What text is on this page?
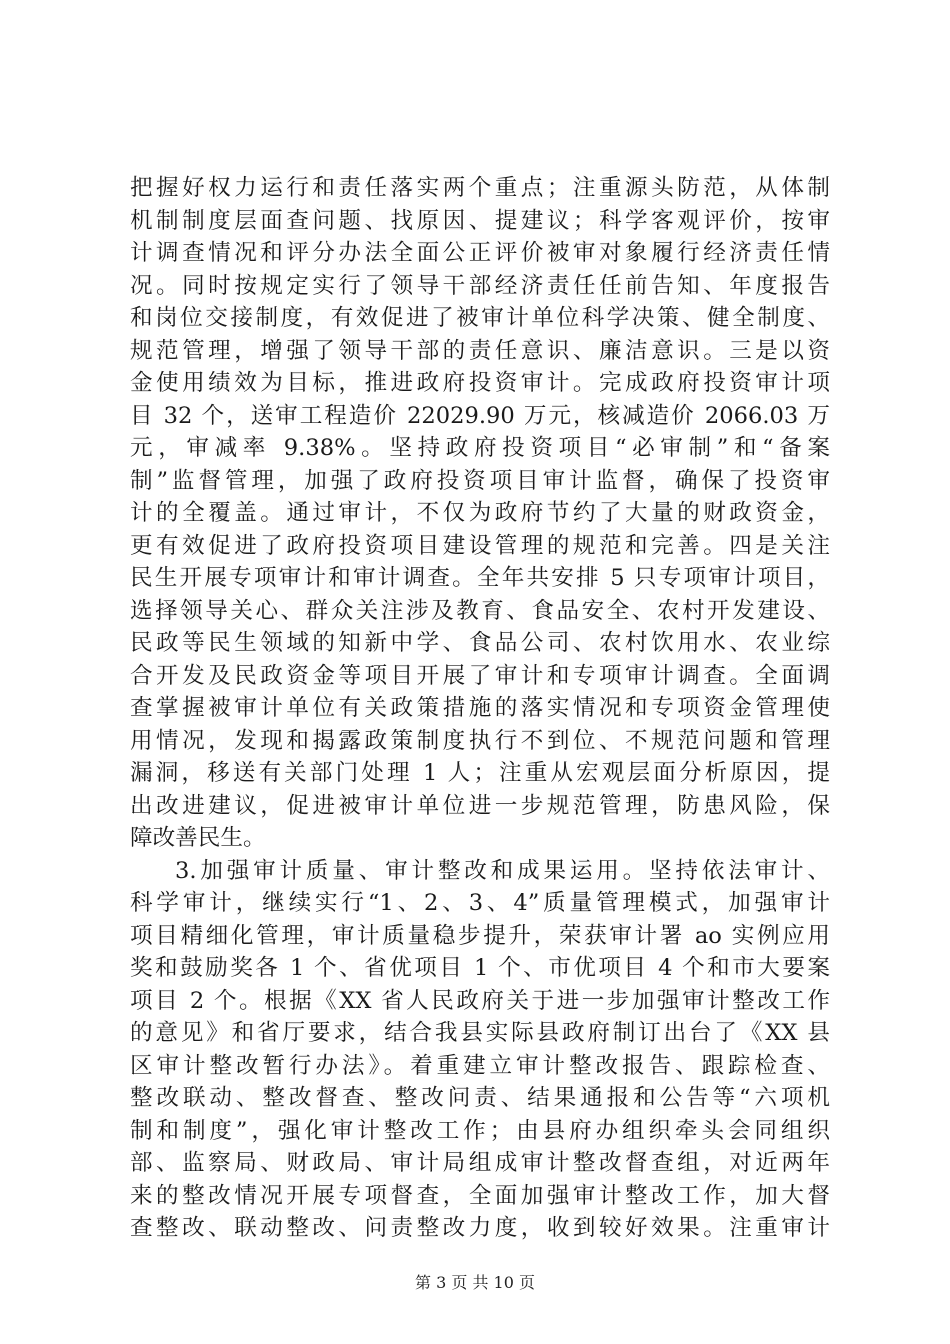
把握好权力运行和责任落实两个重点；注重源头防范，从体制
机制制度层面查问题、找原因、提建议；科学客观评价，按审
计调查情况和评分办法全面公正评价被审对象履行经济责任情
况。同时按规定实行了领导干部经济责任任前告知、年度报告
和岗位交接制度，有效促进了被审计单位科学决策、健全制度、
规范管理，增强了领导干部的责任意识、廉洁意识。三是以资
金使用绩效为目标，推进政府投资审计。完成政府投资审计项
目 32 个，送审工程造价 22029.90 万元，核减造价 2066.03 万
元，审减率 9.38%。坚持政府投资项目“必审制”和“备案
制”监督管理，加强了政府投资项目审计监督，确保了投资审
计的全覆盖。通过审计，不仅为政府节约了大量的财政资金，
更有效促进了政府投资项目建设管理的规范和完善。四是关注
民生开展专项审计和审计调查。全年共安排 5 只专项审计项目，
选择领导关心、群众关注涉及教育、食品安全、农村开发建设、
民政等民生领域的知新中学、食品公司、农村饮用水、农业综
合开发及民政资金等项目开展了审计和专项审计调查。全面调
查掌握被审计单位有关政策措施的落实情况和专项资金管理使
用情况，发现和揭露政策制度执行不到位、不规范问题和管理
漏洞，移送有关部门处理 1 人；注重从宏观层面分析原因，提
出改进建议，促进被审计单位进一步规范管理，防患风险，保
障改善民生。
3.加强审计质量、审计整改和成果运用。坚持依法审计、
科学审计，继续实行“1、2、3、4”质量管理模式，加强审计
项目精细化管理，审计质量稳步提升，荣获审计署 ao 实例应用
奖和鼓励奖各 1 个、省优项目 1 个、市优项目 4 个和市大要案
项目 2 个。根据《XX 省人民政府关于进一步加强审计整改工作
的意见》和省厅要求，结合我县实际县政府制订出台了《XX 县
区审计整改暂行办法》。着重建立审计整改报告、跟踪检查、
整改联动、整改督查、整改问责、结果通报和公告等“六项机
制和制度”，强化审计整改工作；由县府办组织牵头会同组织
部、监察局、财政局、审计局组成审计整改督查组，对近两年
来的整改情况开展专项督查，全面加强审计整改工作，加大督
查整改、联动整改、问责整改力度，收到较好效果。注重审计
第 3 页 共 10 页
